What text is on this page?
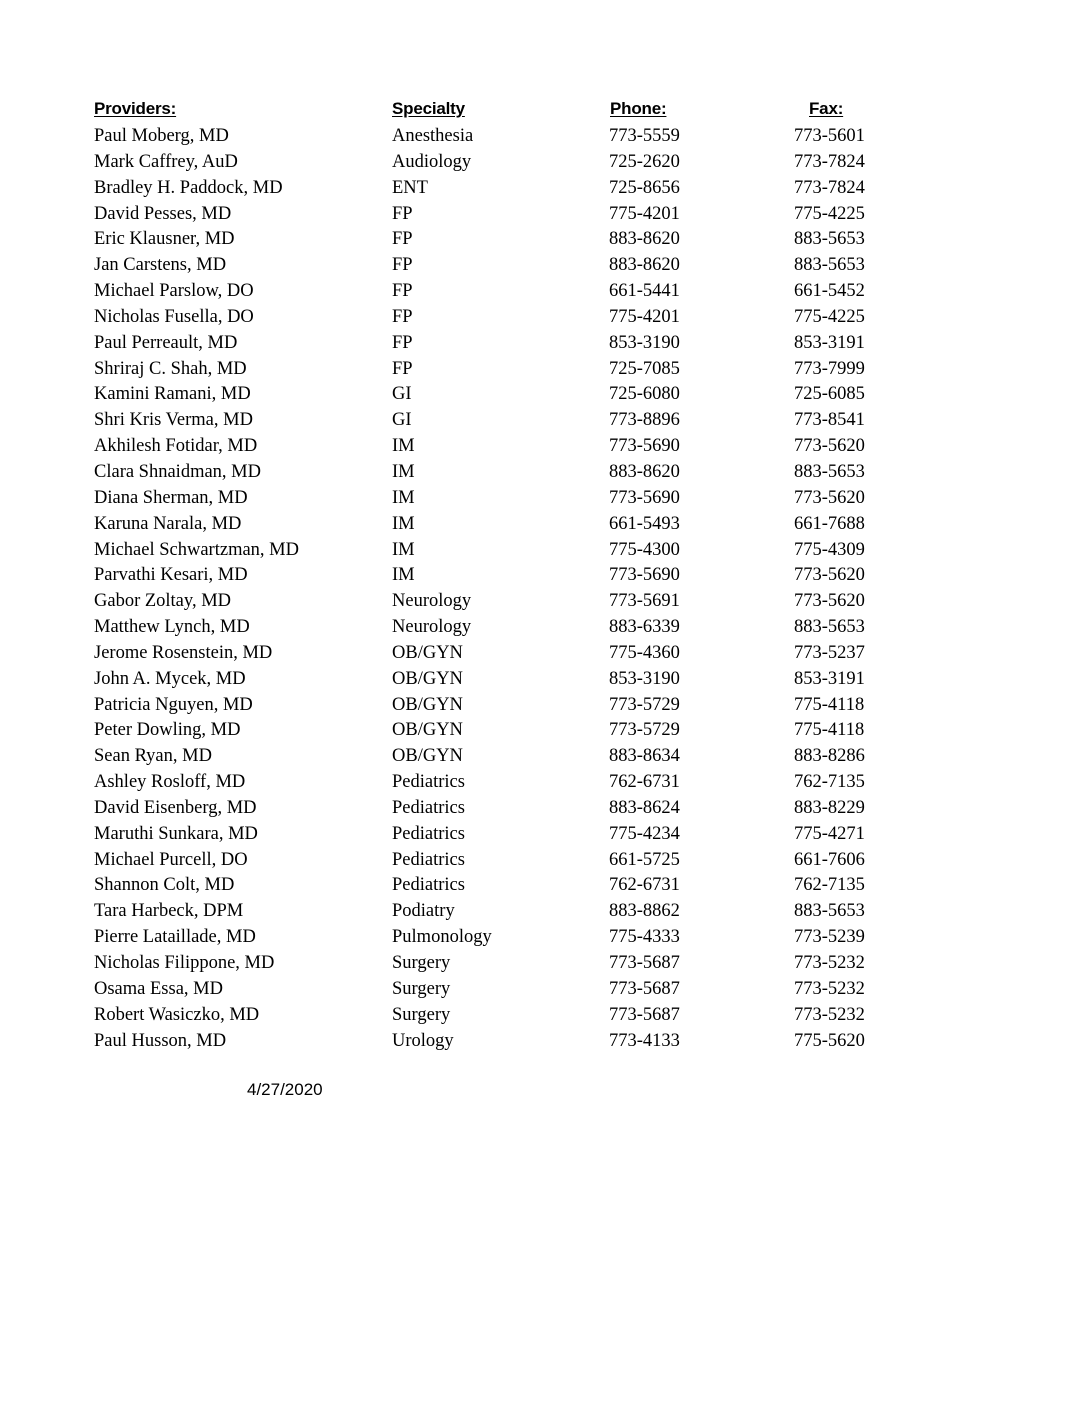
Providers:	Specialty	Phone:	Fax:
Paul Moberg, MD	Anesthesia	773-5559	773-5601
Mark Caffrey, AuD	Audiology	725-2620	773-7824
Bradley H. Paddock, MD	ENT	725-8656	773-7824
David Pesses, MD	FP	775-4201	775-4225
Eric Klausner, MD	FP	883-8620	883-5653
Jan Carstens, MD	FP	883-8620	883-5653
Michael Parslow, DO	FP	661-5441	661-5452
Nicholas Fusella, DO	FP	775-4201	775-4225
Paul Perreault, MD	FP	853-3190	853-3191
Shriraj C. Shah, MD	FP	725-7085	773-7999
Kamini Ramani, MD	GI	725-6080	725-6085
Shri Kris Verma, MD	GI	773-8896	773-8541
Akhilesh Fotidar, MD	IM	773-5690	773-5620
Clara Shnaidman, MD	IM	883-8620	883-5653
Diana Sherman, MD	IM	773-5690	773-5620
Karuna Narala, MD	IM	661-5493	661-7688
Michael Schwartzman, MD	IM	775-4300	775-4309
Parvathi Kesari, MD	IM	773-5690	773-5620
Gabor Zoltay, MD	Neurology	773-5691	773-5620
Matthew Lynch, MD	Neurology	883-6339	883-5653
Jerome Rosenstein, MD	OB/GYN	775-4360	773-5237
John A. Mycek, MD	OB/GYN	853-3190	853-3191
Patricia Nguyen, MD	OB/GYN	773-5729	775-4118
Peter Dowling, MD	OB/GYN	773-5729	775-4118
Sean Ryan, MD	OB/GYN	883-8634	883-8286
Ashley Rosloff, MD	Pediatrics	762-6731	762-7135
David Eisenberg, MD	Pediatrics	883-8624	883-8229
Maruthi Sunkara, MD	Pediatrics	775-4234	775-4271
Michael Purcell, DO	Pediatrics	661-5725	661-7606
Shannon Colt, MD	Pediatrics	762-6731	762-7135
Tara Harbeck, DPM	Podiatry	883-8862	883-5653
Pierre Lataillade, MD	Pulmonology	775-4333	773-5239
Nicholas Filippone, MD	Surgery	773-5687	773-5232
Osama Essa, MD	Surgery	773-5687	773-5232
Robert Wasiczko, MD	Surgery	773-5687	773-5232
Paul Husson, MD	Urology	773-4133	775-5620
4/27/2020
